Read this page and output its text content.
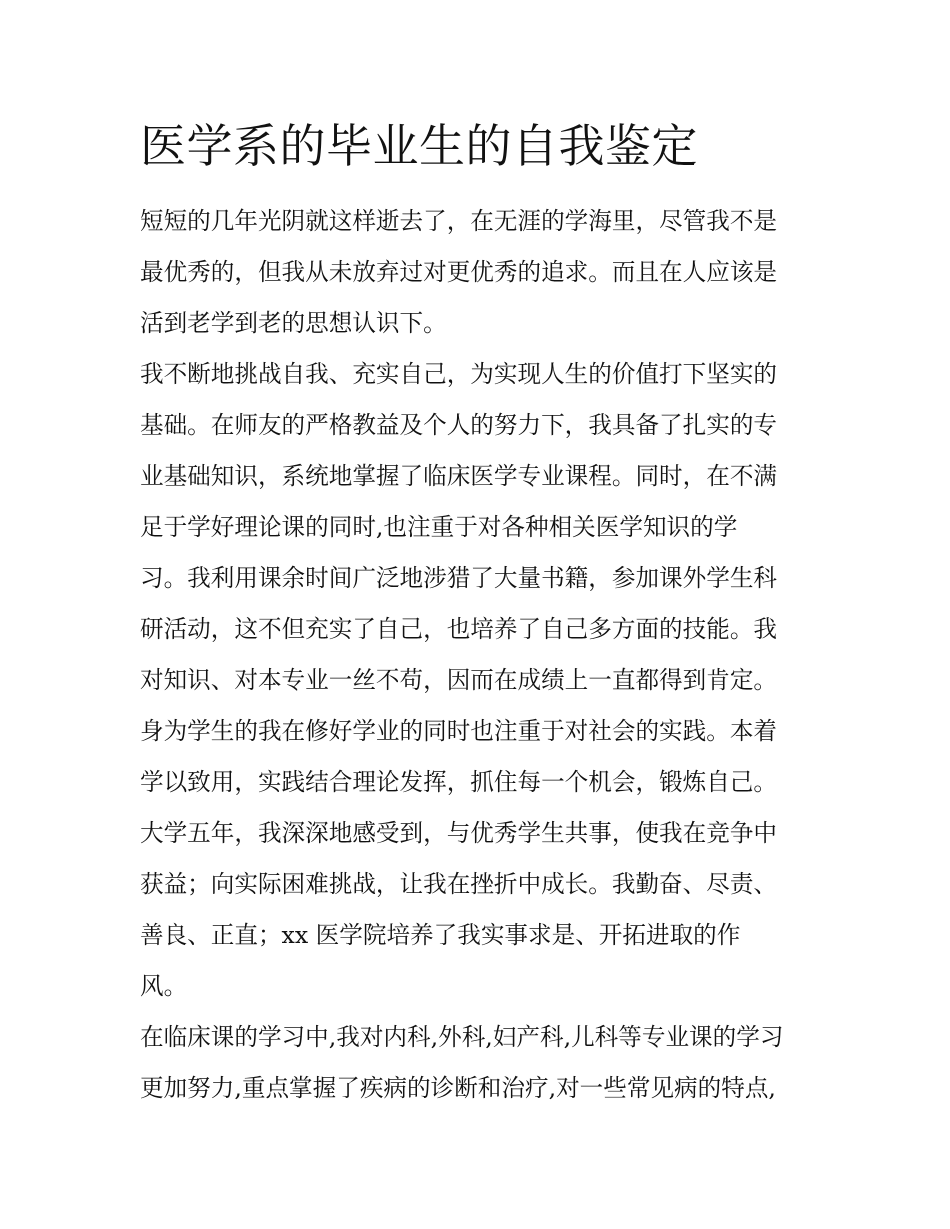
医学系的毕业生的自我鉴定
短短的几年光阴就这样逝去了，在无涯的学海里，尽管我不是
最优秀的，但我从未放弃过对更优秀的追求。而且在人应该是
活到老学到老的思想认识下。
我不断地挑战自我、充实自己，为实现人生的价值打下坚实的
基础。在师友的严格教益及个人的努力下，我具备了扎实的专
业基础知识，系统地掌握了临床医学专业课程。同时，在不满
足于学好理论课的同时,也注重于对各种相关医学知识的学
习。我利用课余时间广泛地涉猎了大量书籍，参加课外学生科
研活动，这不但充实了自己，也培养了自己多方面的技能。我
对知识、对本专业一丝不苟，因而在成绩上一直都得到肯定。
身为学生的我在修好学业的同时也注重于对社会的实践。本着
学以致用，实践结合理论发挥，抓住每一个机会，锻炼自己。
大学五年，我深深地感受到，与优秀学生共事，使我在竞争中
获益；向实际困难挑战，让我在挫折中成长。我勤奋、尽责、
善良、正直；xx 医学院培养了我实事求是、开拓进取的作
风。
在临床课的学习中,我对内科,外科,妇产科,儿科等专业课的学习
更加努力,重点掌握了疾病的诊断和治疗,对一些常见病的特点,
